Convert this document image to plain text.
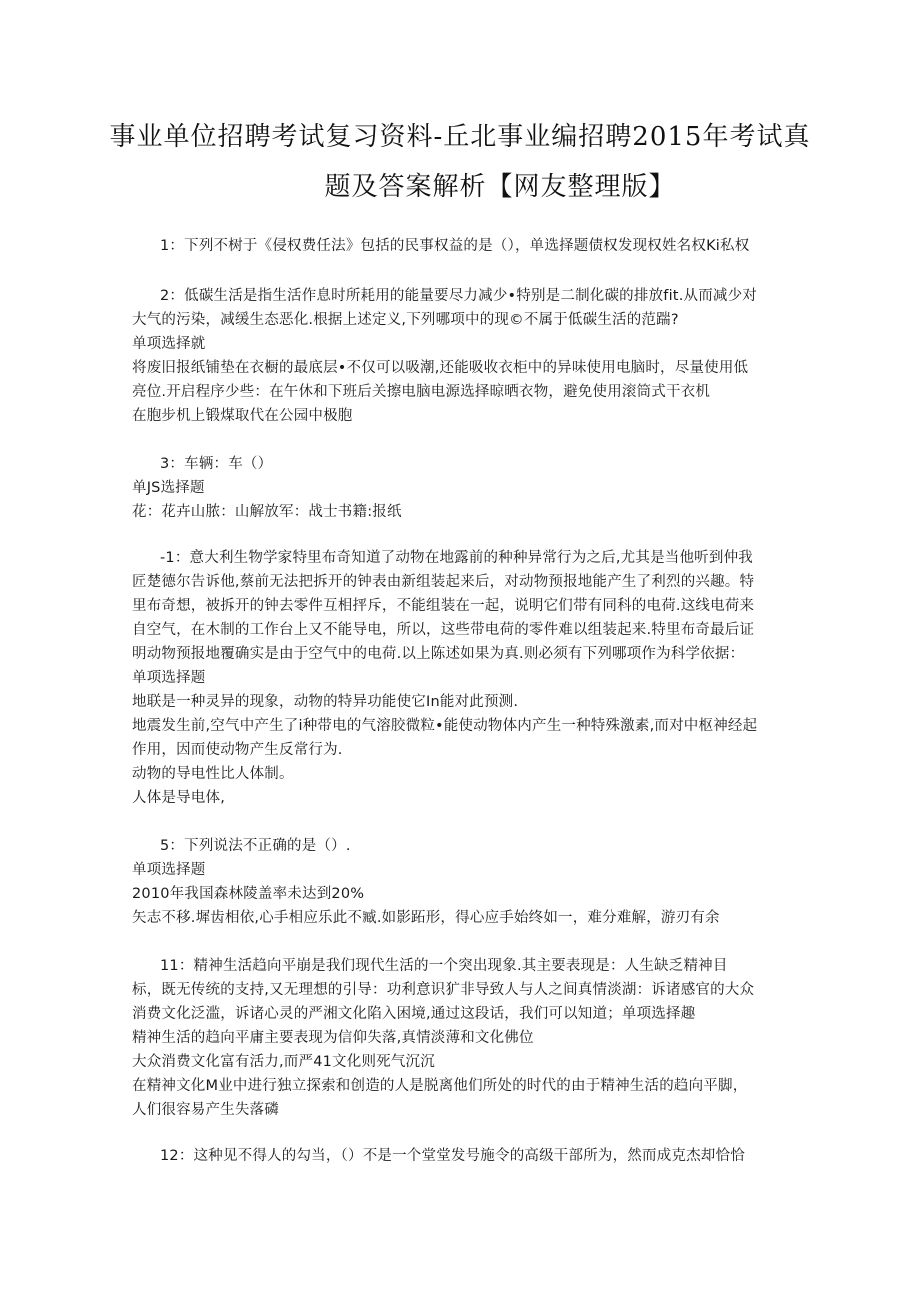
事业单位招聘考试复习资料-丘北事业编招聘2015年考试真
题及答案解析【网友整理版】
1：下列不树于《侵权费任法》包括的民事权益的是（），单选择题债权发现权姓名权Ki私权
2：低碳生活是指生活作息时所耗用的能量要尽力减少•特别是二制化碳的排放fit.从而减少对
大气的污染，减缓生态恶化.根据上述定义,下列哪项中的现©不属于低碳生活的范踹?
单项选择就
将废旧报纸铺垫在衣橱的最底层•不仅可以吸潮,还能吸收衣柜中的异味使用电脑时，尽量使用低
亮位.开启程序少些：在午休和下班后关擦电脑电源选择晾晒衣物，避免使用滚筒式干衣机
在胞步机上锻煤取代在公园中极胞
3：车辆：车（）
单JS选择题
花：花卉山脓：山解放军：战士书籍:报纸
-1：意大利生物学家特里布奇知道了动物在地露前的种种异常行为之后,尤其是当他听到仲我
匠楚德尔告诉他,蔡前无法把拆开的钟表由新组装起来后，对动物预报地能产生了利烈的兴趣。特
里布奇想，被拆开的钟去零件互相抨斥，不能组装在一起，说明它们带有同科的电荷.这线电荷来
自空气，在木制的工作台上又不能导电，所以，这些带电荷的零件难以组装起来.特里布奇最后证
明动物预报地覆确实是由于空气中的电荷.以上陈述如果为真.则必须有下列哪项作为科学依据：
单项选择题
地联是一种灵异的现象，动物的特异功能使它In能对此预测.
地震发生前,空气中产生了i种带电的气溶胶微粒•能使动物体内产生一种特殊激素,而对中枢神经起
作用，因而使动物产生反常行为.
动物的导电性比人体制。
人体是导电体,
5：下列说法不正确的是（）.
单项选择题
2010年我国森林陵盖率未达到20%
矢志不移.墀齿相依,心手相应乐此不臧.如影跖形，得心应手始终如一，难分难解，游刃有余
11：精神生活趋向平崩是我们现代生活的一个突出现象.其主要表现是：人生缺乏精神目
标，既无传统的支持,又无理想的引导：功利意识犷非导致人与人之间真情淡湖：诉诸感官的大众
消费文化泛滥，诉诸心灵的严湘文化陷入困境,通过这段话，我们可以知道；单项选择趣
精神生活的趋向平庸主要表现为信仰失落,真情淡薄和文化佛位
大众消费文化富有活力,而严41文化则死气沉沉
在精神文化M业中进行独立探索和创造的人是脱离他们所处的时代的由于精神生活的趋向平脚，
人们很容易产生失落磷
12：这种见不得人的勾当，（）不是一个堂堂发号施令的高级干部所为，然而成克杰却恰恰
